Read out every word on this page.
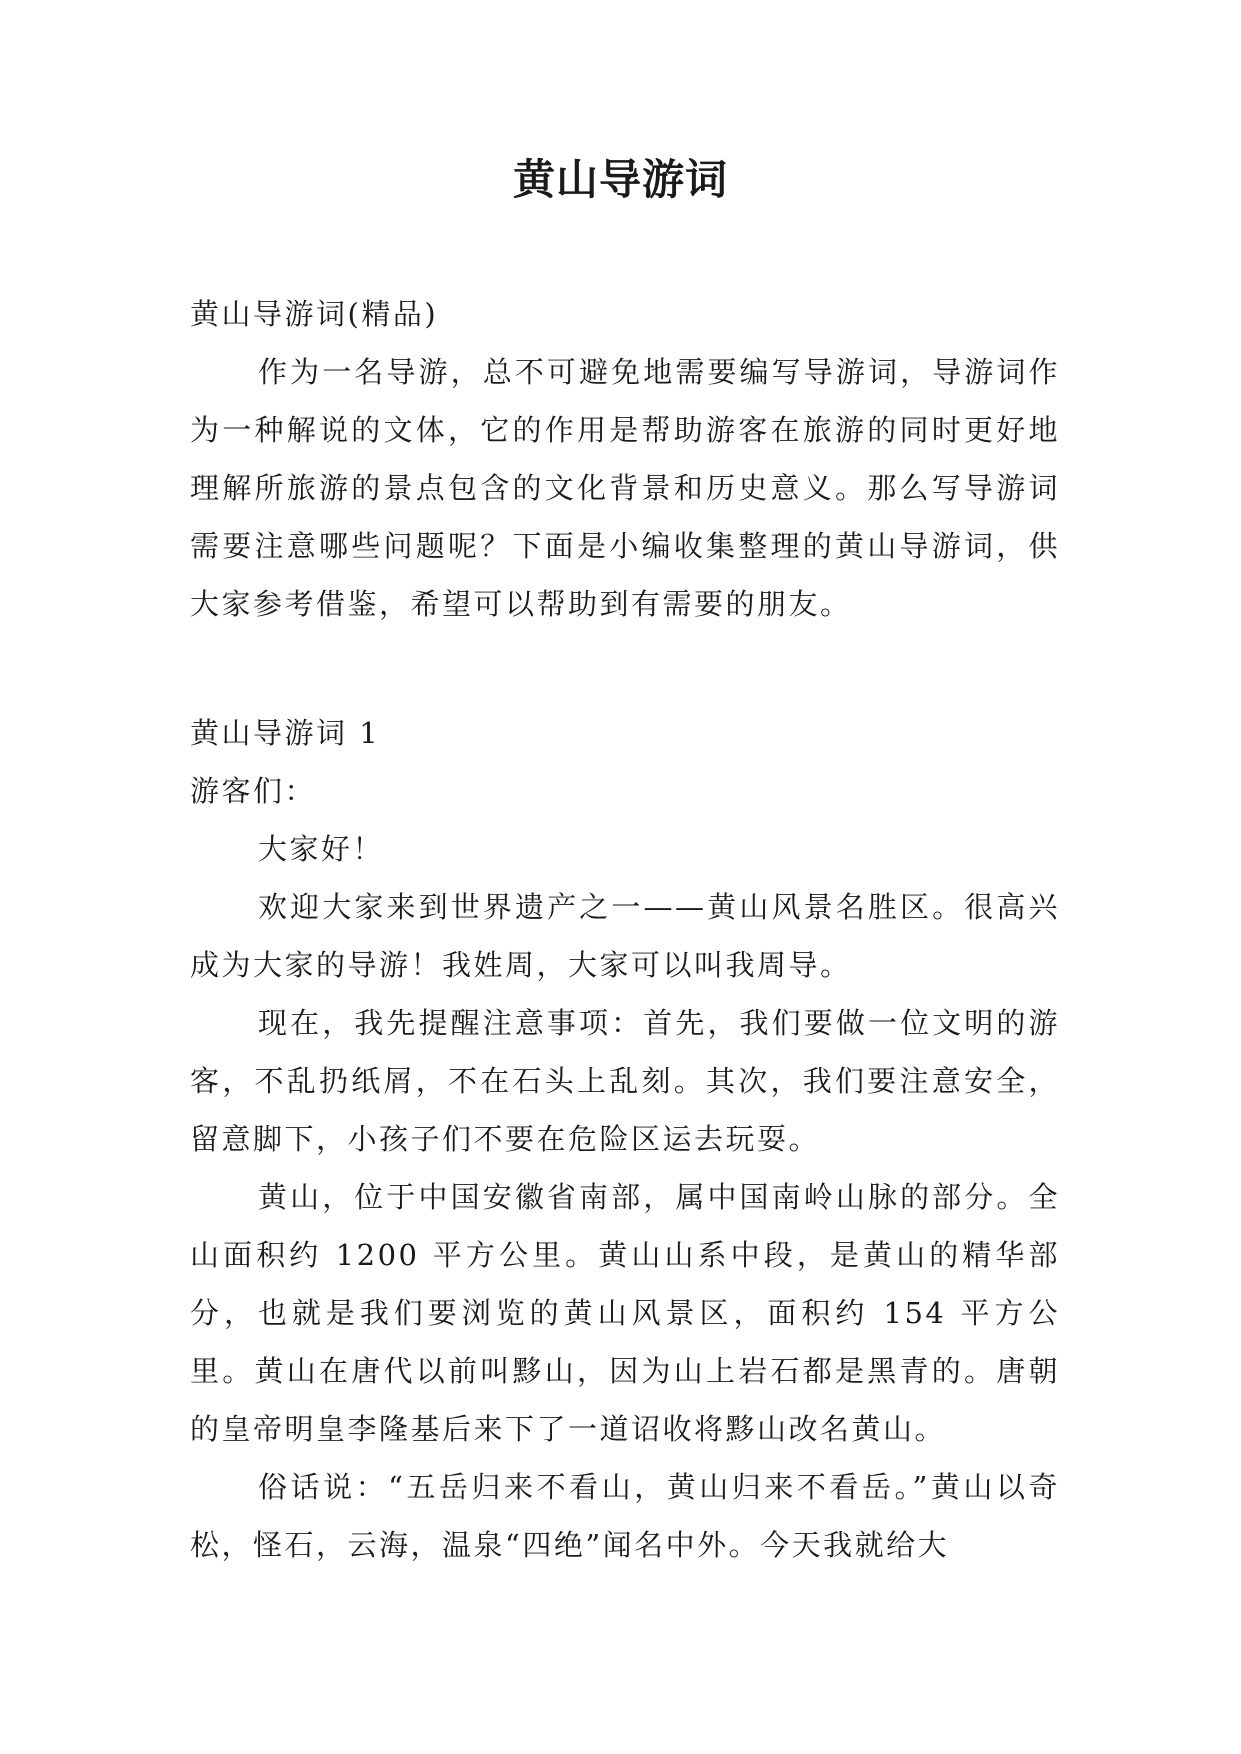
黄山导游词

黄山导游词(精品)

作为一名导游，总不可避免地需要编写导游词，导游词作为一种解说的文体，它的作用是帮助游客在旅游的同时更好地理解所旅游的景点包含的文化背景和历史意义。那么写导游词需要注意哪些问题呢？下面是小编收集整理的黄山导游词，供大家参考借鉴，希望可以帮助到有需要的朋友。

黄山导游词 1

游客们：

大家好！

欢迎大家来到世界遗产之一——黄山风景名胜区。很高兴成为大家的导游！我姓周，大家可以叫我周导。

现在，我先提醒注意事项：首先，我们要做一位文明的游客，不乱扔纸屑，不在石头上乱刻。其次，我们要注意安全，留意脚下，小孩子们不要在危险区运去玩耍。

黄山，位于中国安徽省南部，属中国南岭山脉的部分。全山面积约 1200 平方公里。黄山山系中段，是黄山的精华部分，也就是我们要浏览的黄山风景区，面积约 154 平方公里。黄山在唐代以前叫黟山，因为山上岩石都是黑青的。唐朝的皇帝明皇李隆基后来下了一道诏收将黟山改名黄山。

俗话说：“五岳归来不看山，黄山归来不看岳。”黄山以奇松，怪石，云海，温泉“四绝”闻名中外。今天我就给大
